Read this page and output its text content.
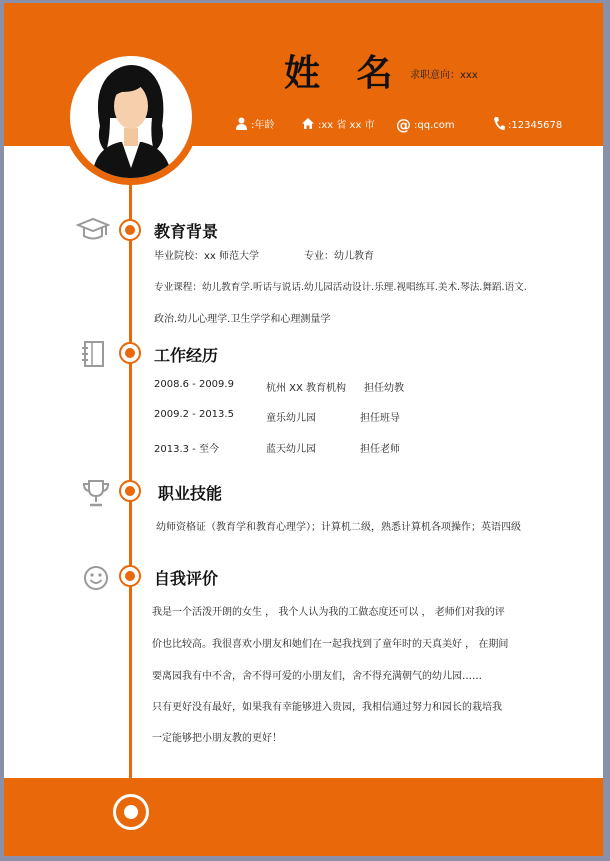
姓 名 求职意向：xxx
:年龄	:xx 省 xx 市 @ :qq.com	:12345678
教育背景
毕业院校：xx 师范大学	专业：幼儿教育
专业课程：幼儿教育学.听话与说话.幼儿园活动设计.乐理.视唱练耳.美术.琴法.舞蹈.语文.
政治.幼儿心理学.卫生学学和心理测量学
工作经历
2008.6 - 2009.9	杭州 XX 教育机构 担任幼教
2009.2 - 2013.5	童乐幼儿园	担任班导
2013.3 - 至今	蓝天幼儿园	担任老师
职业技能
幼师资格证（教育学和教育心理学）；计算机二级，熟悉计算机各项操作；英语四级
自我评价
我是一个活泼开朗的女生 ， 我个人认为我的工做态度还可以 ， 老师们对我的评
价也比较高。我很喜欢小朋友和她们在一起我找到了童年时的天真美好 ， 在期间
要离园我有中不舍，舍不得可爱的小朋友们，舍不得充满朝气的幼儿园……
只有更好没有最好，如果我有幸能够进入贵园，我相信通过努力和园长的栽培我
一定能够把小朋友教的更好！
